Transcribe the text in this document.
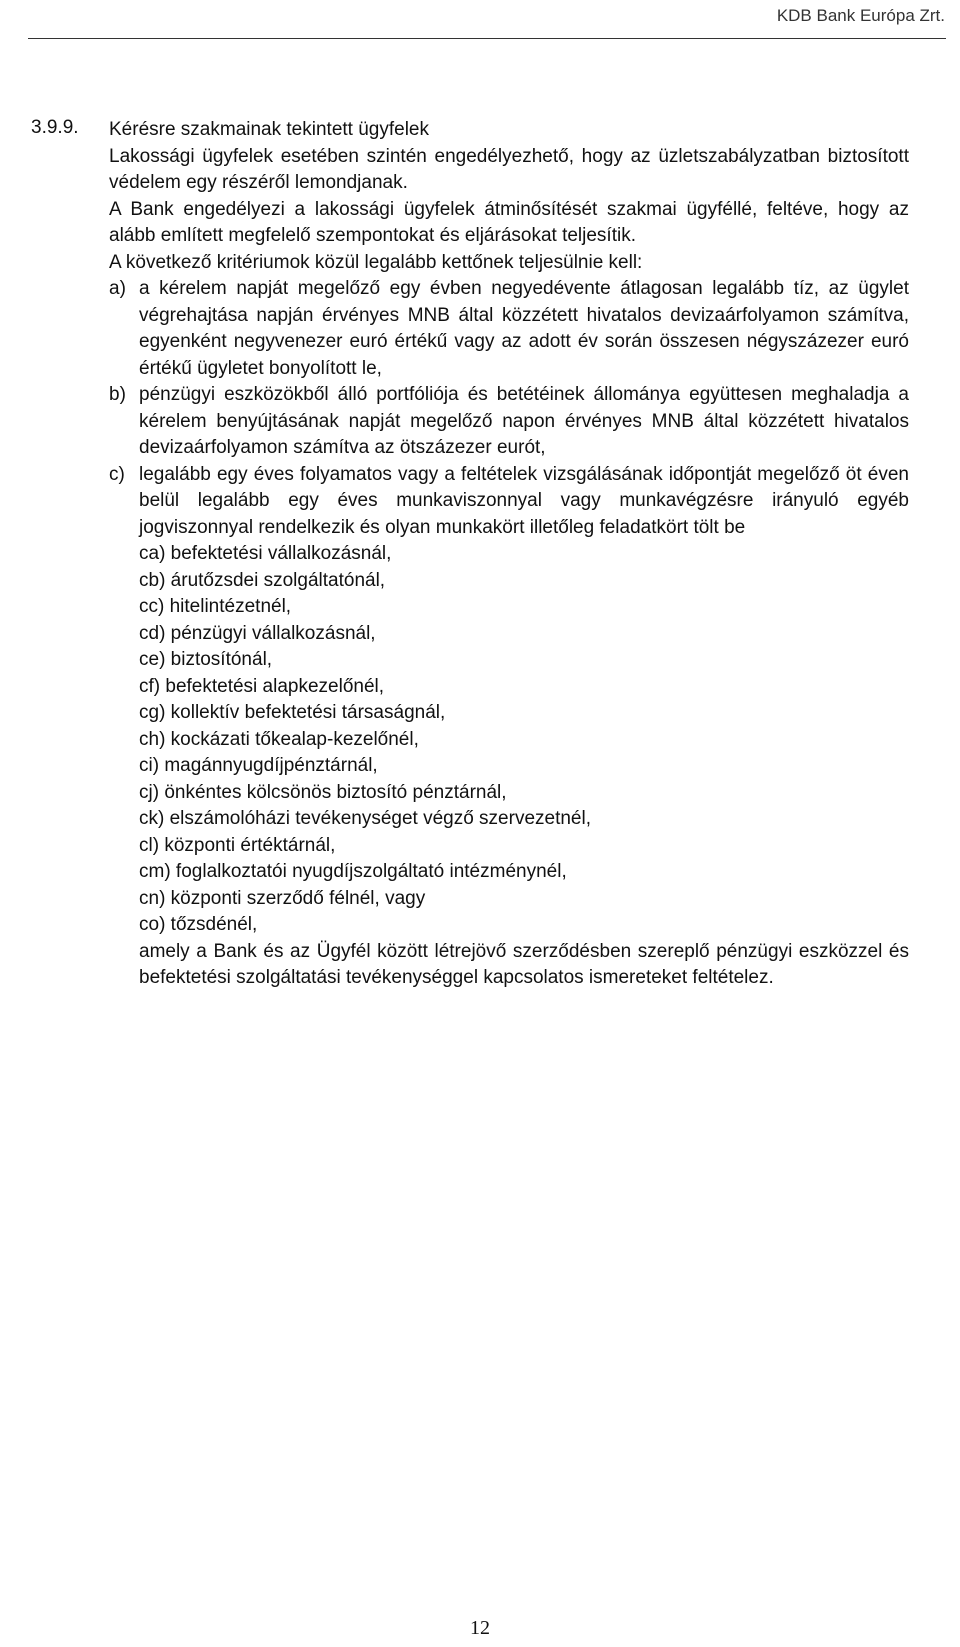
KDB Bank Európa Zrt.
3.9.9. Kérésre szakmainak tekintett ügyfelek

Lakossági ügyfelek esetében szintén engedélyezhető, hogy az üzletszabályzatban biztosított védelem egy részéről lemondjanak.

A Bank engedélyezi a lakossági ügyfelek átminősítését szakmai ügyféllé, feltéve, hogy az alább említett megfelelő szempontokat és eljárásokat teljesítik.

A következő kritériumok közül legalább kettőnek teljesülnie kell:

a) a kérelem napját megelőző egy évben negyedévente átlagosan legalább tíz, az ügylet végrehajtása napján érvényes MNB által közzétett hivatalos devizaárfolyamon számítva, egyenként negyvenezer euró értékű vagy az adott év során összesen négyszázezer euró értékű ügyletet bonyolított le,
b) pénzügyi eszközökből álló portfóliója és betétéinek állománya együttesen meghaladja a kérelem benyújtásának napját megelőző napon érvényes MNB által közzétett hivatalos devizaárfolyamon számítva az ötszázezer eurót,
c) legalább egy éves folyamatos vagy a feltételek vizsgálásának időpontját megelőző öt éven belül legalább egy éves munkaviszonnyal vagy munkavégzésre irányuló egyéb jogviszonnyal rendelkezik és olyan munkakört illetőleg feladatkört tölt be
ca) befektetési vállalkozásnál,
cb) árutőzsdei szolgáltatónál,
cc) hitelintézetnél,
cd) pénzügyi vállalkozásnál,
ce) biztosítónál,
cf) befektetési alapkezelőnél,
cg) kollektív befektetési társaságnál,
ch) kockázati tőkealap-kezelőnél,
ci) magánnyugdíjpénztárnál,
cj) önkéntes kölcsönös biztosító pénztárnál,
ck) elszámolóházi tevékenységet végző szervezetnél,
cl) központi értéktárnál,
cm) foglalkoztatói nyugdíjszolgáltató intézménynél,
cn) központi szerződő félnél, vagy
co) tőzsdénél,
amely a Bank és az Ügyfél között létrejövő szerződésben szereplő pénzügyi eszközzel és befektetési szolgáltatási tevékenységgel kapcsolatos ismereteket feltételez.
12
